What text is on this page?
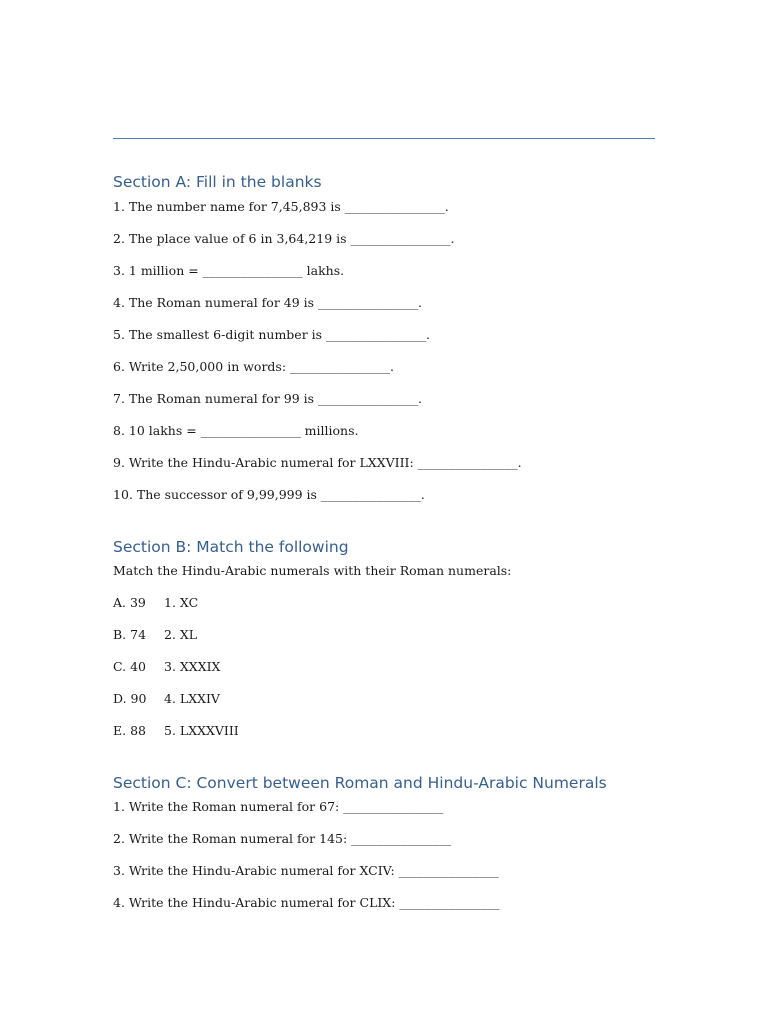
Section A: Fill in the blanks
1. The number name for 7,45,893 is ________________.
2. The place value of 6 in 3,64,219 is ________________.
3. 1 million = ________________ lakhs.
4. The Roman numeral for 49 is ________________.
5. The smallest 6-digit number is ________________.
6. Write 2,50,000 in words: ________________.
7. The Roman numeral for 99 is ________________.
8. 10 lakhs = ________________ millions.
9. Write the Hindu-Arabic numeral for LXXVIII: ________________.
10. The successor of 9,99,999 is ________________.
Section B: Match the following
Match the Hindu-Arabic numerals with their Roman numerals:
A. 39 1. XC
B. 74 2. XL
C. 40 3. XXXIX
D. 90 4. LXXIV
E. 88 5. LXXXVIII
Section C: Convert between Roman and Hindu-Arabic Numerals
1. Write the Roman numeral for 67: ________________
2. Write the Roman numeral for 145: ________________
3. Write the Hindu-Arabic numeral for XCIV: ________________
4. Write the Hindu-Arabic numeral for CLIX: ________________
